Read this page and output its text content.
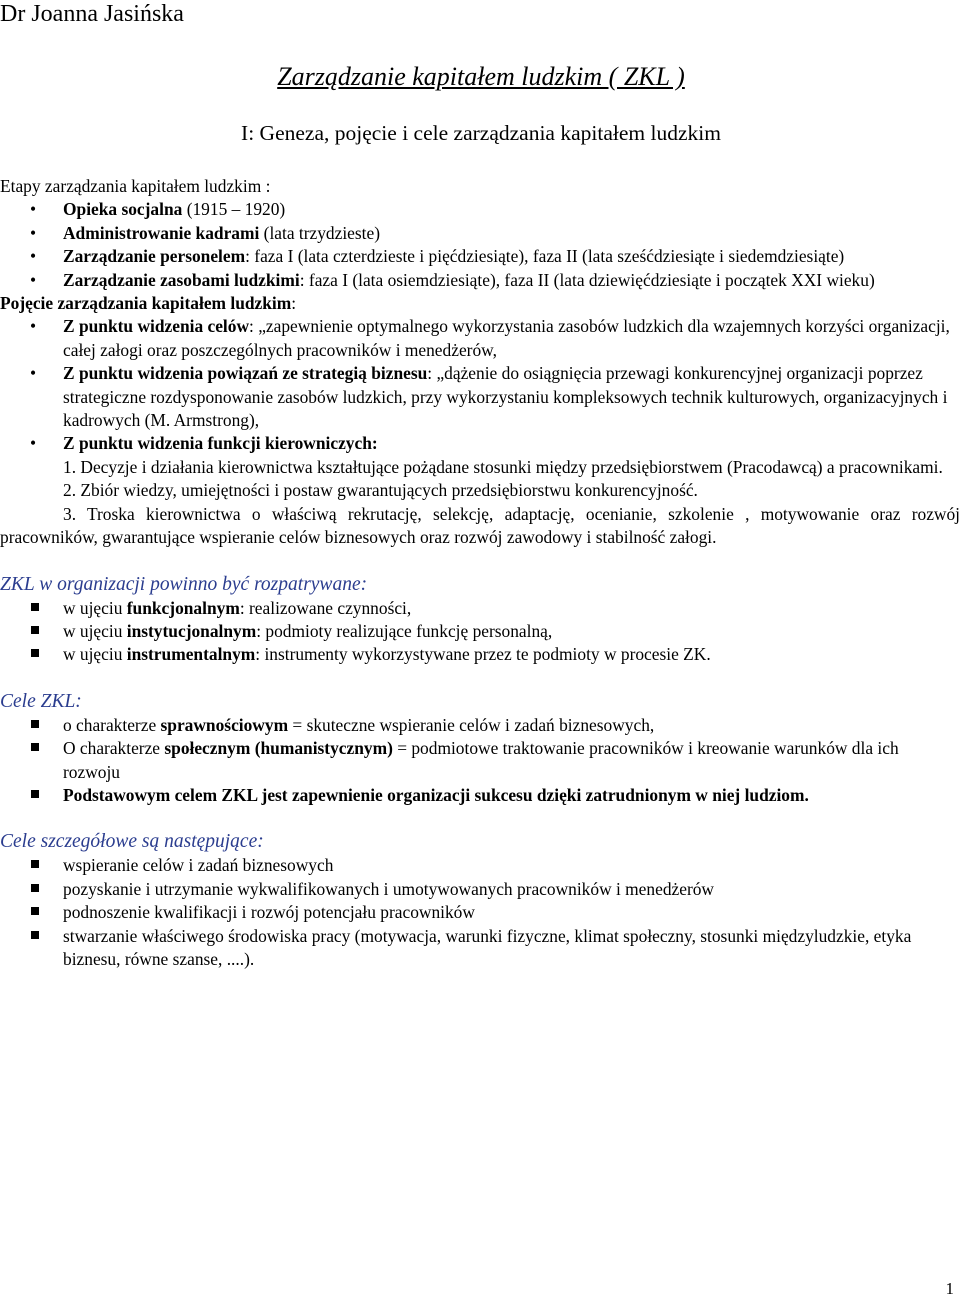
Dr Joanna Jasińska
Zarządzanie kapitałem ludzkim ( ZKL )
I: Geneza, pojęcie i cele zarządzania kapitałem ludzkim

Etapy zarządzania kapitałem ludzkim :

• Opieka socjalna (1915 – 1920)
• Administrowanie kadrami (lata trzydzieste)
• Zarządzanie personelem: faza I (lata czterdzieste i pięćdziesiąte), faza II (lata sześćdziesiąte i siedemdziesiąte)
• Zarządzanie zasobami ludzkimi: faza I (lata osiemdziesiąte), faza II (lata dziewięćdziesiąte i początek XXI wieku)

Pojęcie zarządzania kapitałem ludzkim:

• Z punktu widzenia celów: „zapewnienie optymalnego wykorzystania zasobów ludzkich dla wzajemnych korzyści organizacji, całej załogi oraz poszczególnych pracowników i menedżerów,
• Z punktu widzenia powiązań ze strategią biznesu: „dążenie do osiągnięcia przewagi konkurencyjnej organizacji poprzez strategiczne rozdysponowanie zasobów ludzkich, przy wykorzystaniu kompleksowych technik kulturowych, organizacyjnych i kadrowych (M. Armstrong),
• Z punktu widzenia funkcji kierowniczych:

1. Decyzje i działania kierownictwa kształtujące pożądane stosunki między przedsiębiorstwem (Pracodawcą) a pracownikami.

2. Zbiór wiedzy, umiejętności i postaw gwarantujących przedsiębiorstwu konkurencyjność.

3. Troska kierownictwa o właściwą rekrutację, selekcję, adaptację, ocenianie, szkolenie , motywowanie oraz rozwój pracowników, gwarantujące wspieranie celów biznesowych oraz rozwój zawodowy i stabilność załogi.

ZKL w organizacji powinno być rozpatrywane:

w ujęciu funkcjonalnym: realizowane czynności,
w ujęciu instytucjonalnym: podmioty realizujące funkcję personalną,
w ujęciu instrumentalnym: instrumenty wykorzystywane przez te podmioty w procesie ZK.

Cele ZKL:

o charakterze sprawnościowym = skuteczne wspieranie celów i zadań biznesowych,
O charakterze społecznym (humanistycznym) = podmiotowe traktowanie pracowników i kreowanie warunków dla ich rozwoju
Podstawowym celem ZKL jest zapewnienie organizacji sukcesu dzięki zatrudnionym w niej ludziom.

Cele szczegółowe są następujące:

wspieranie celów i zadań biznesowych
pozyskanie i utrzymanie wykwalifikowanych i umotywowanych pracowników i menedżerów
podnoszenie kwalifikacji i rozwój potencjału pracowników
stwarzanie właściwego środowiska pracy (motywacja, warunki fizyczne, klimat społeczny, stosunki międzyludzkie, etyka biznesu, równe szanse, ....).
1
